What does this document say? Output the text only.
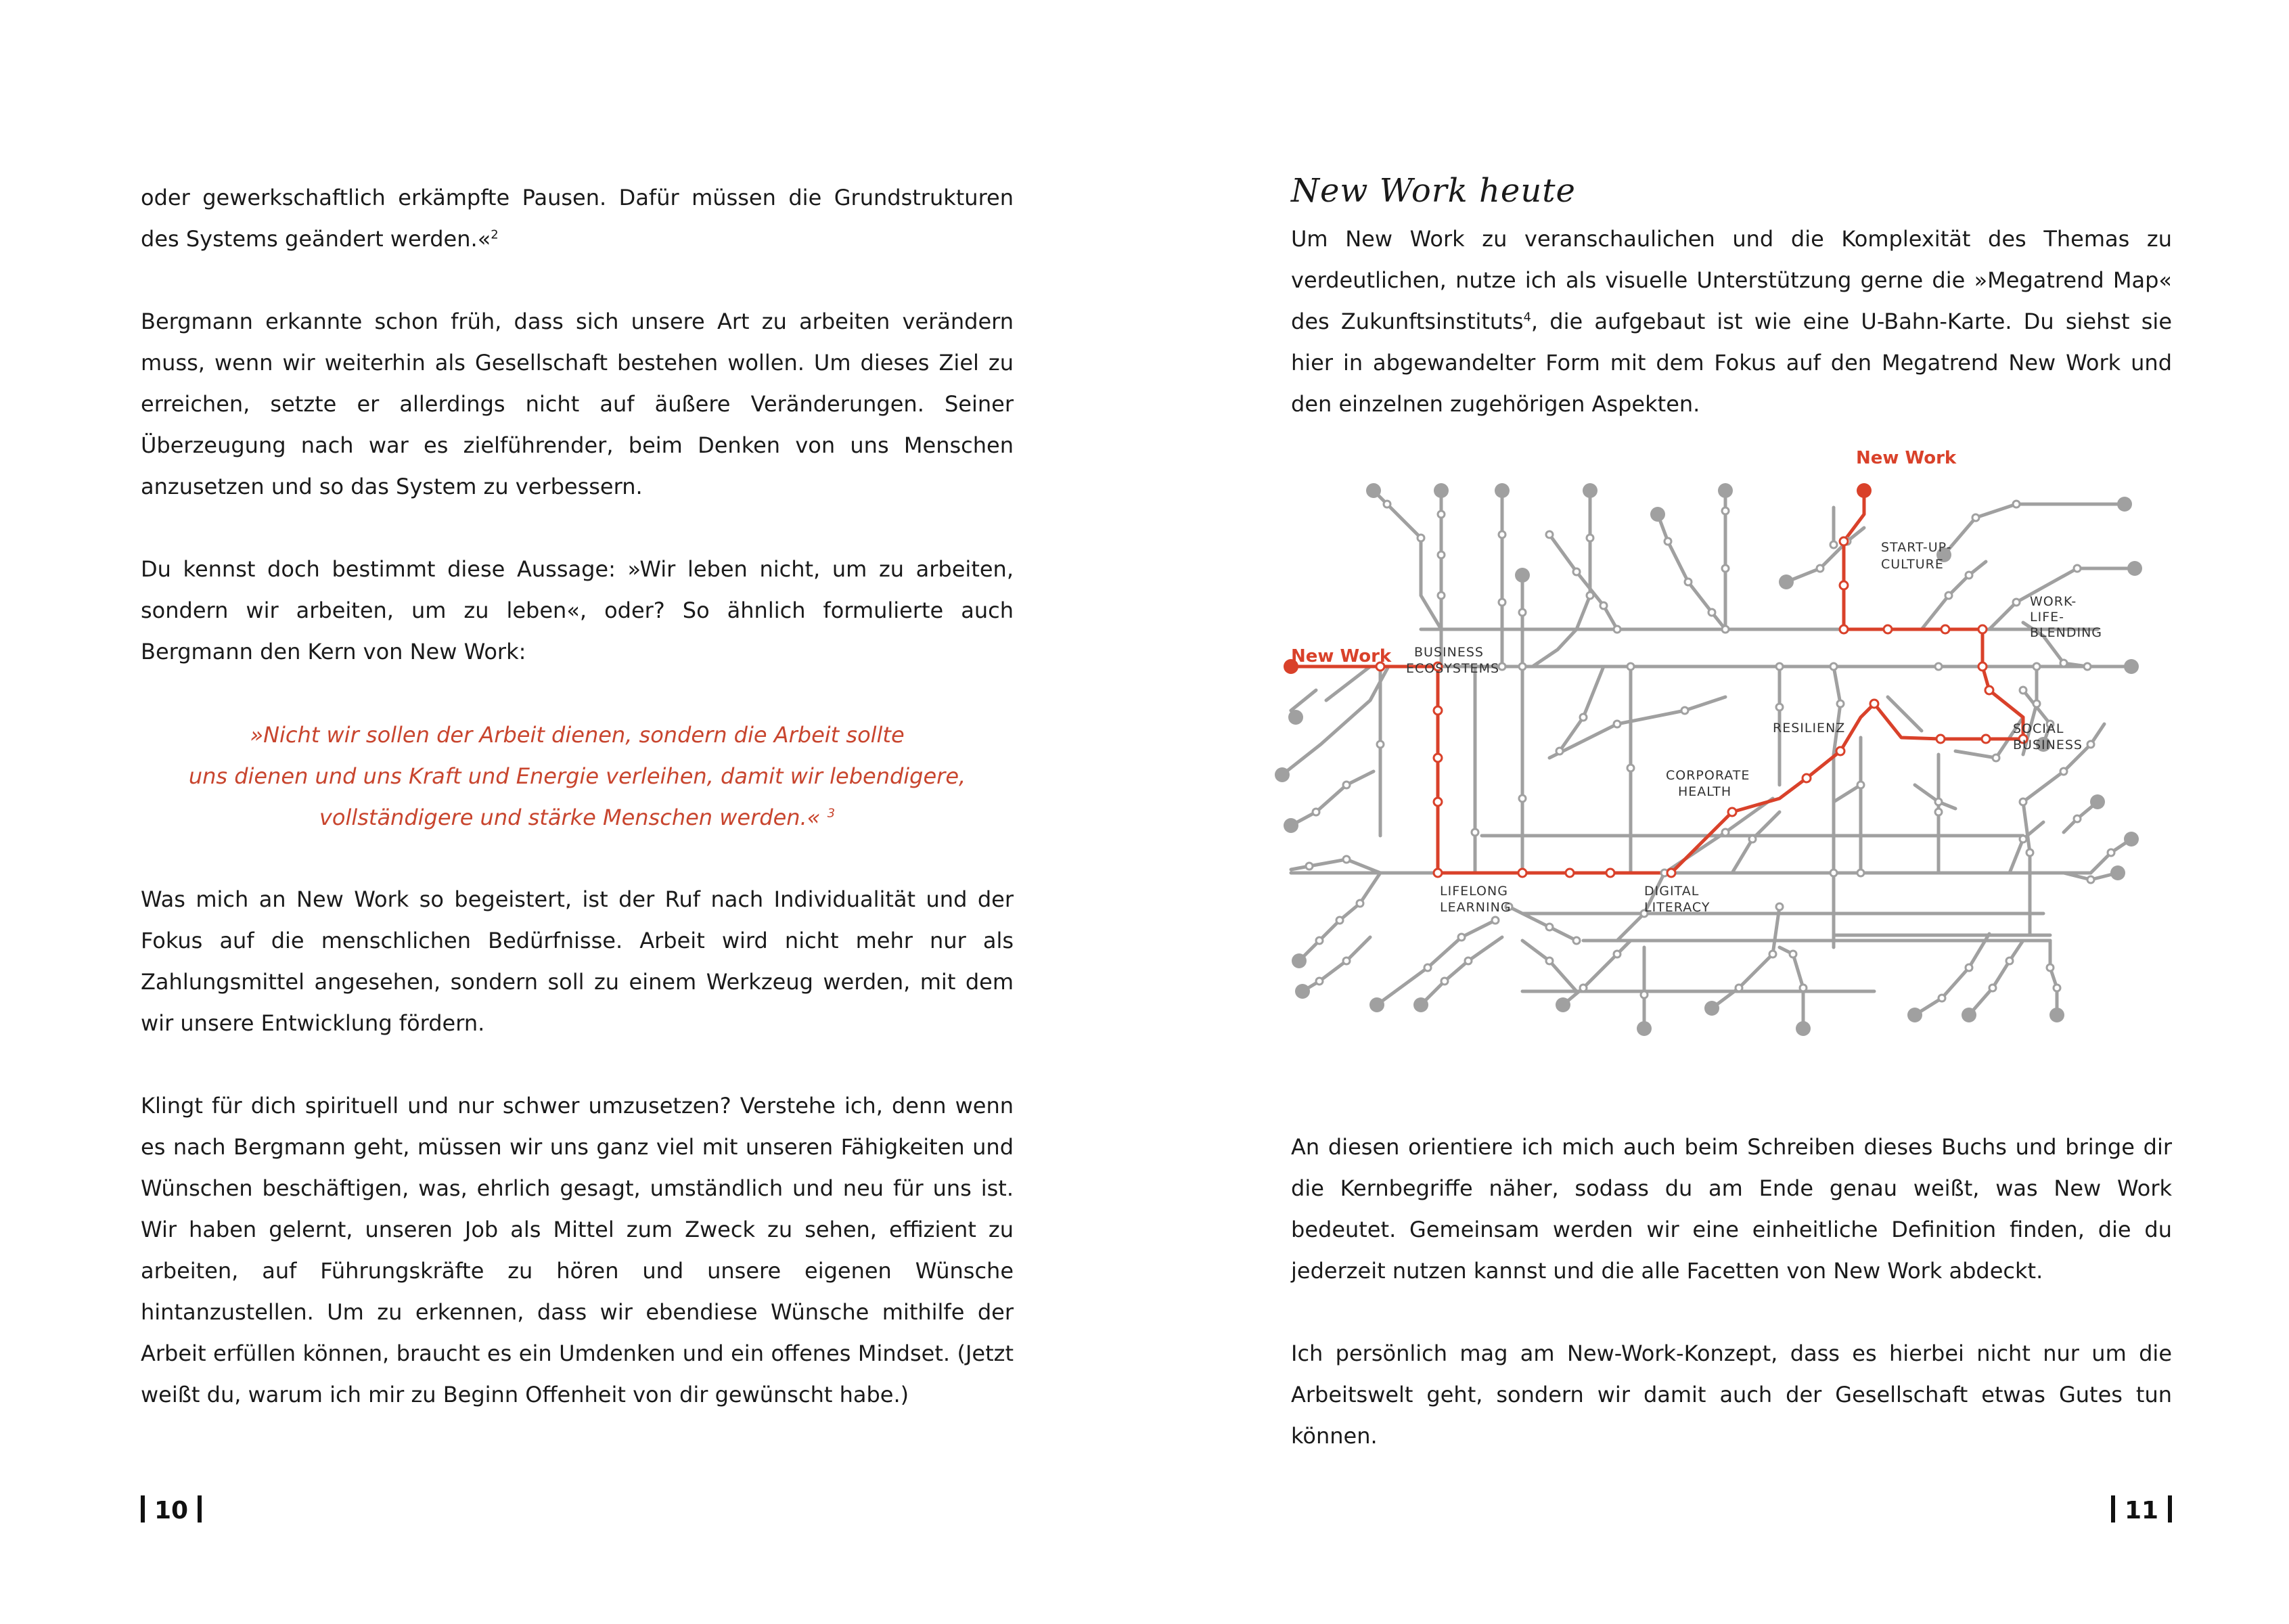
oder gewerkschaftlich erkämpfte Pausen. Dafür müssen die Grundstrukturen des Systems geändert werden.«$^2$

Bergmann erkannte schon früh, dass sich unsere Art zu arbeiten verändern muss, wenn wir weiterhin als Gesellschaft bestehen wollen. Um dieses Ziel zu erreichen, setzte er allerdings nicht auf äußere Veränderungen. Seiner Überzeugung nach war es zielführender, beim Denken von uns Menschen anzusetzen und so das System zu verbessern.

Du kennst doch bestimmt diese Aussage: »Wir leben nicht, um zu arbeiten, sondern wir arbeiten, um zu leben«, oder? So ähnlich formulierte auch Bergmann den Kern von New Work:

»Nicht wir sollen der Arbeit dienen, sondern die Arbeit sollte
uns dienen und uns Kraft und Energie verleihen, damit wir lebendigere,
vollständigere und stärke Menschen werden.« $^3$

Was mich an New Work so begeistert, ist der Ruf nach Individualität und der Fokus auf die menschlichen Bedürfnisse. Arbeit wird nicht mehr nur als Zahlungsmittel angesehen, sondern soll zu einem Werkzeug werden, mit dem wir unsere Entwicklung fördern.

Klingt für dich spirituell und nur schwer umzusetzen? Verstehe ich, denn wenn es nach Bergmann geht, müssen wir uns ganz viel mit unseren Fähigkeiten und Wünschen beschäftigen, was, ehrlich gesagt, umständlich und neu für uns ist. Wir haben gelernt, unseren Job als Mittel zum Zweck zu sehen, effizient zu arbeiten, auf Führungskräfte zu hören und unsere eigenen Wünsche hintanzustellen. Um zu erkennen, dass wir ebendiese Wünsche mithilfe der Arbeit erfüllen können, braucht es ein Umdenken und ein offenes Mindset. (Jetzt weißt du, warum ich mir zu Beginn Offenheit von dir gewünscht habe.)

10
New Work heute

Um New Work zu veranschaulichen und die Komplexität des Themas zu verdeutlichen, nutze ich als visuelle Unterstützung gerne die »Megatrend Map« des Zukunftsinstituts$^4$, die aufgebaut ist wie eine U-Bahn-Karte. Du siehst sie hier in abgewandelter Form mit dem Fokus auf den Megatrend New Work und den einzelnen zugehörigen Aspekten.

New Work
New Work
START-UP- CULTURE
WORK- LIFE- BLENDING
BUSINESS ECOSYSTEMS
RESILIENZ	SOCIAL BUSINESS
CORPORATE HEALTH
LIFELONG LEARNING
DIGITAL LITERACY

An diesen orientiere ich mich auch beim Schreiben dieses Buchs und bringe dir die Kernbegriffe näher, sodass du am Ende genau weißt, was New Work bedeutet. Gemeinsam werden wir eine einheitliche Definition finden, die du jederzeit nutzen kannst und die alle Facetten von New Work abdeckt.

Ich persönlich mag am New-Work-Konzept, dass es hierbei nicht nur um die Arbeitswelt geht, sondern wir damit auch der Gesellschaft etwas Gutes tun können.

11
